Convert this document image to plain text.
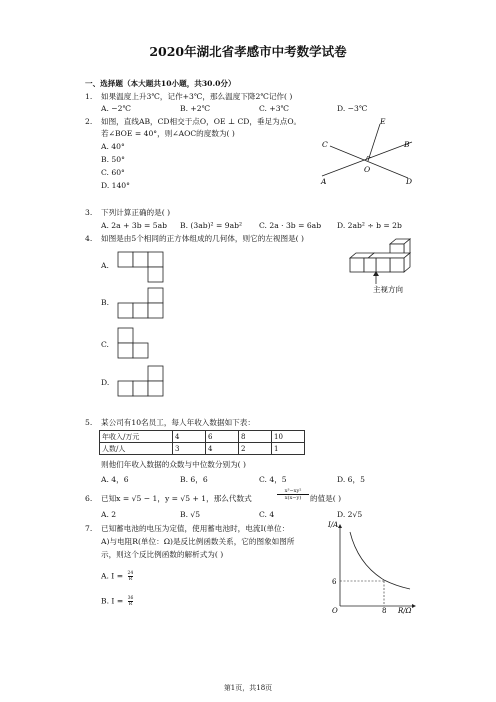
2020年湖北省孝感市中考数学试卷
一、选择题（本大题共10小题，共30.0分）
1. 如果温度上升3℃，记作+3℃，那么温度下降2℃记作( )
A. −2℃	B. +2℃	C. +3℃	D. −3℃
2. 如图，直线AB，CD相交于点O，OE ⊥ CD，垂足为点O。
若∠BOE = 40°，则∠AOC的度数为( )
A. 40°
B. 50°
C. 60°
D. 140°
E
C	B
O
A	D
3. 下列计算正确的是( )
A. 2a + 3b = 5ab B. (3ab)² = 9ab² C. 2a · 3b = 6ab D. 2ab² ÷ b = 2b
4. 如图是由5个相同的正方体组成的几何体，则它的左视图是( )
A.
B.
C.
D.
主视方向
5. 某公司有10名员工，每人年收入数据如下表：
年收入/万元	4	6	8	10
人数/人	3	4	2	1
则他们年收入数据的众数与中位数分别为( )
A. 4，6	B. 6，6	C. 4，5	D. 6，5
6. 已知x = √5 − 1，y = √5 + 1，那么代数式	$\frac{\text{x³−xy²}}{x(x-y)}$ 的值是( )
A. 2	B. √5	C. 4	D. 2√5
7. 已知蓄电池的电压为定值，使用蓄电池时，电流I(单位：
A)与电阻R(单位：Ω)是反比例函数关系，它的图象如图所
示，则这个反比例函数的解析式为( )
A. $I = \frac{24}{R}$
B. $I = \frac{36}{R}$
I/A
R/Ω
O
6
8
第1页，共18页
